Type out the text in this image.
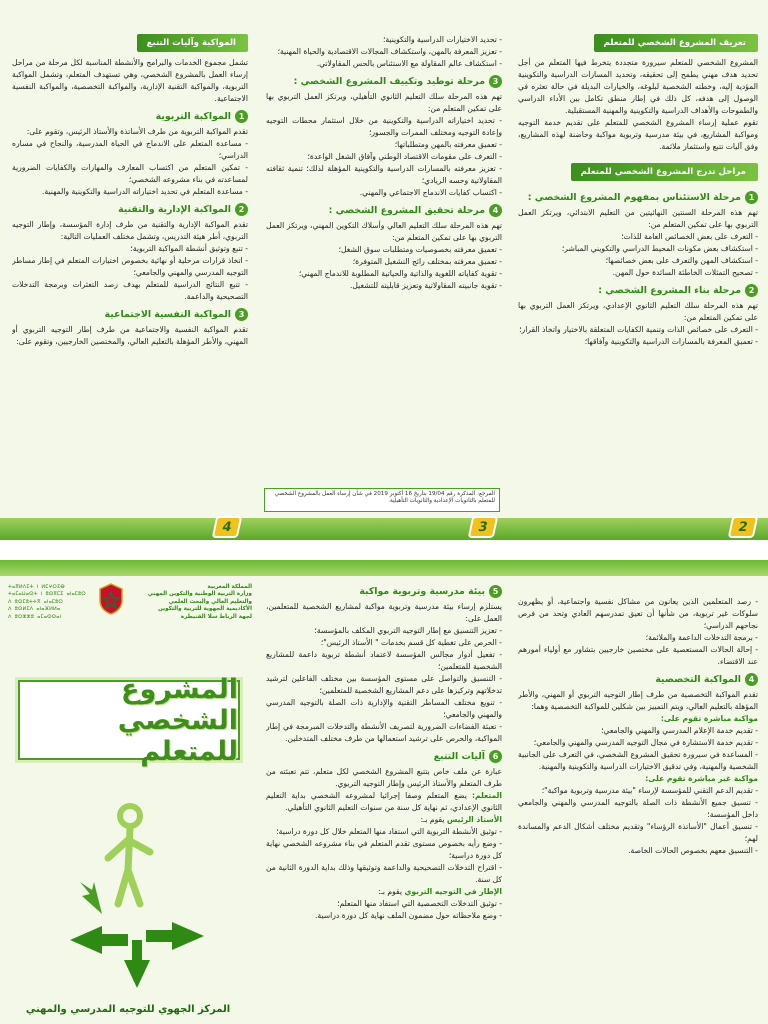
تعريف المشروع الشخصي للمتعلم

المشروع الشخصي للمتعلم سيرورة متجددة يتخرط فيها المتعلم من أجل تحديد هدف مهني يطمح إلى تحقيقه، وتحديد المسارات الدراسية والتكوينية المؤدية إليه، وخطته الشخصية لبلوغه، والخيارات البديلة في حالة تعثره في الوصول إلى هدفه، كل ذلك في إطار منطق تكامل بين الأداء الدراسي والطموحات والأهداف الدراسية والتكوينية والمهنية المستقبلية.

تقوم عملية إرساء المشروع الشخصي للمتعلم على تقديم خدمة التوجيه ومواكبة المشاريع، في بيئة مدرسية وتربوية مواكبة وحاضنة لهذه المشاريع، وفق آليات تتبع واستثمار ملائمة.

مراحل تدرج المشروع الشخصي للمتعلم
1
مرحلة الاستئناس بمفهوم المشروع الشخصي :

تهم هذه المرحلة السنتين النهائيتين من التعليم الابتدائي، ويرتكز العمل التربوي بها على تمكين المتعلم من:

- التعرف على بعض الخصائص العامة للذات؛
- استكشاف بعض مكونات المحيط الدراسي والتكويني المباشر؛
- استكشاف المهن والتعرف على بعض خصائصها؛
- تصحيح التمثلات الخاطئة السائدة حول المهن.
2
مرحلة بناء المشروع الشخصي :

تهم هذه المرحلة سلك التعليم الثانوي الإعدادي، ويرتكز العمل التربوي بها على تمكين المتعلم من:

- التعرف على خصائص الذات وتنمية الكفايات المتعلقة بالاختيار واتخاذ القرار؛
- تعميق المعرفة بالمسارات الدراسية والتكوينية وآفاقها؛
- تحديد الاختيارات الدراسية والتكوينية؛
- تعزيز المعرفة بالمهن، واستكشاف المجالات الاقتصادية والحياة المهنية؛
- استكشاف عالم المقاولة مع الاستئناس بالحس المقاولاتي.
3
مرحلة توطيد وتكييف المشروع الشخصي :

تهم هذه المرحلة سلك التعليم الثانوي التأهيلي، ويرتكز العمل التربوي بها على تمكين المتعلم من:

- تحديد اختياراته الدراسية والتكوينية من خلال استثمار محطات التوجيه وإعادة التوجيه ومختلف الممرات والجسور؛
- تعميق معرفته بالمهن ومتطلباتها؛
- التعرف على مقومات الاقتصاد الوطني وآفاق الشغل الواعدة؛
- تعزيز معرفته بالمسارات الدراسية والتكوينية المؤهلة لذلك؛ تنمية ثقافته المقاولاتية وحسه الريادي؛
- اكتساب كفايات الاندماج الاجتماعي والمهني.
4
مرحلة تحقيق المشروع الشخصي :

تهم هذه المرحلة سلك التعليم العالي وأسلاك التكوين المهني، ويرتكز العمل التربوي بها على تمكين المتعلم من:

- تعميق معرفته بخصوصيات ومتطلبات سوق الشغل؛
- تعميق معرفته بمختلف رائج التشغيل المتوفرة؛
- تقوية كفاياته اللغوية والذاتية والحياتية المطلوبة للاندماج المهني؛
- تقوية جانبيته المقاولاتية وتعزيز قابليته للتشغيل.
المرجع: المذكرة رقم 19/04 بتاريخ 16 أكتوبر 2019 في شأن إرساء العمل بالمشروع الشخصي للمتعلم بالثانويات الإعدادية والثانويات التأهيلية.
المواكبة وآليات التتبع

تشمل مجموع الخدمات والبرامج والأنشطة المناسبة لكل مرحلة من مراحل إرساء العمل بالمشروع الشخصي، وهي تستهدف المتعلم، وتشمل المواكبة التربوية، والمواكبة التقنية الإدارية، والمواكبة التخصصية، والمواكبة النفسية الاجتماعية.

1
المواكبة التربوية

تقدم المواكبة التربوية من طرف الأساتذة والأستاذ الرئيس، وتقوم على:

- مساعدة المتعلم على الاندماج في الحياة المدرسية، والنجاح في مساره الدراسي؛
- تمكين المتعلم من اكتساب المعارف والمهارات والكفايات الضرورية لمساعدته في بناء مشروعه الشخصي؛
- مساعدة المتعلم في تحديد اختياراته الدراسية والتكوينية والمهنية.
2
المواكبة الإدارية والتقنية

تقدم المواكبة الإدارية والتقنية من طرف إدارة المؤسسة، وإطار التوجيه التربوي، أطر هيئة التدريس، وتشمل مختلف العمليات التالية:

- تتبع وتوثيق أنشطة المواكبة التربوية؛
- اتخاذ قرارات مرحلية أو نهائية بخصوص اختيارات المتعلم في إطار مساطر التوجيه المدرسي والمهني والجامعي؛
- تتبع النتائج الدراسية للمتعلم بهدف رصد التعثرات وبرمجة التدخلات التصحيحية والداعمة.
3
المواكبة النفسية الاجتماعية

تقدم المواكبة النفسية والاجتماعية من طرف إطار التوجيه التربوي أو المهني، والأطر المؤهلة بالتعليم العالي، والمختصين الخارجيين، وتقوم على:

2
3
4
- رصد المتعلمين الذين يعانون من مشاكل نفسية واجتماعية، أو يظهرون سلوكات غير تربوية، من شأنها أن تعيق تمدرسهم العادي وتحد من فرص نجاحهم الدراسي؛
- برمجة التدخلات الداعمة والملائمة؛
- إحالة الحالات المستعصية على مختصين خارجيين بتشاور مع أولياء أمورهم عند الاقتضاء.
4
المواكبة التخصصية

تقدم المواكبة التخصصية من طرف إطار التوجيه التربوي أو المهني، والأطر المؤهلة بالتعليم العالي، ويتم التمييز بين شكلين للمواكبة التخصصية وهما:

مواكبة مباشرة تقوم على:

- تقديم خدمة الإعلام المدرسي والمهني والجامعي؛
- تقديم خدمة الاستشارة في مجال التوجيه المدرسي والمهني والجامعي؛
- المساعدة في سيرورة تحقيق المشروع الشخصي، في التعرف على الجانبية الشخصية والمهنية، وفي تدقيق الاختيارات الدراسية والتكوينية والمهنية.

مواكبة غير مباشرة تقوم على:

- تقديم الدعم التقني للمؤسسة لإرساء "بيئة مدرسية وتربوية مواكبة"؛
- تنسيق جميع الأنشطة ذات الصلة بالتوجيه المدرسي والمهني والجامعي داخل المؤسسة؛
- تنسيق أعمال "الأساتذة الرؤساء" وتقديم مختلف أشكال الدعم والمساندة لهم؛
- التنسيق معهم بخصوص الحالات الخاصة.
5
بيئة مدرسية وتربوية مواكبة

يستلزم إرساء بيئة مدرسية وتربوية مواكبة لمشاريع الشخصية للمتعلمين، العمل على:

- تعزيز التنسيق مع إطار التوجيه التربوي المكلف بالمؤسسة؛
- الحرص على تغطية كل قسم بخدمات " الأستاذ الرئيس"؛
- تفعيل أدوار مجالس المؤسسة لاعتماد أنشطة تربوية داعمة للمشاريع الشخصية للمتعلمين؛
- التنسيق والتواصل على مستوى المؤسسة بين مختلف الفاعلين لترشيد تدخلاتهم وتركيزها على دعم المشاريع الشخصية للمتعلمين؛
- تنويع مختلف المساطر التقنية والإدارية ذات الصلة بالتوجيه المدرسي والمهني والجامعي؛
- تعبئة الفضاءات الضرورية لتصريف الأنشطة والتدخلات المبرمجة في إطار المواكبة، والحرص على ترشيد استعمالها من طرف مختلف المتدخلين.
6
آليات التتبع

عبارة عن ملف خاص بتتبع المشروع الشخصي لكل متعلم، تتم تعبئته من طرف المتعلم والأستاذ الرئيس وإطار التوجيه التربوي.

المتعلم: يضع المتعلم وصفا إجرائيا لمشروعه الشخصي بداية التعليم الثانوي الإعدادي، ثم نهاية كل سنة من سنوات التعليم الثانوي التأهيلي.

الأستاذ الرئيس يقوم بـ:

- توثيق الأنشطة التربوية التي استفاد منها المتعلم خلال كل دورة دراسية؛
- وضع رأيه بخصوص مستوى تقدم المتعلم في بناء مشروعه الشخصي نهاية كل دورة دراسية؛
- اقتراح التدخلات التصحيحية والداعمة وتوثيقها وذلك بداية الدورة الثانية من كل سنة.

الإطار في التوجيه التربوي يقوم بـ:

- توثيق التدخلات التخصصية التي استفاد منها المتعلم؛
- وضع ملاحظاته حول مضمون الملف نهاية كل دورة دراسية.
ⵜⴰⴳⵍⴷⵉⵜ ⵏ ⵍⵎⵖⵔⵉⴱ
ⵜⴰⵎⴰⵡⴰⵙⵜ ⵏ ⵓⵙⴳⵎⵉ ⴰⵏⴰⵎⵓⵔ
ⴷ ⵓⵙⵎⵓⵜⵜⴳ ⴰⵏⴰⵎⵓⵔ
ⴷ ⵓⵙⵍⵎⴷ ⴰⵏⴰⴼⵍⵍⴰ
ⴷ ⵓⵔⵣⵣⵓ ⴰⵎⴰⵙⵙⴰⵏ
المملكة المغربية
وزارة التربية الوطنية والتكوين المهني
والتعليم العالي والبحث العلمي
الأكاديمية الجهوية للتربية والتكوين
لجهة الرباط سلا القنيطرة
المشروع الشخصي للمتعلم
المركز الجهوي للتوجيه المدرسي والمهني
